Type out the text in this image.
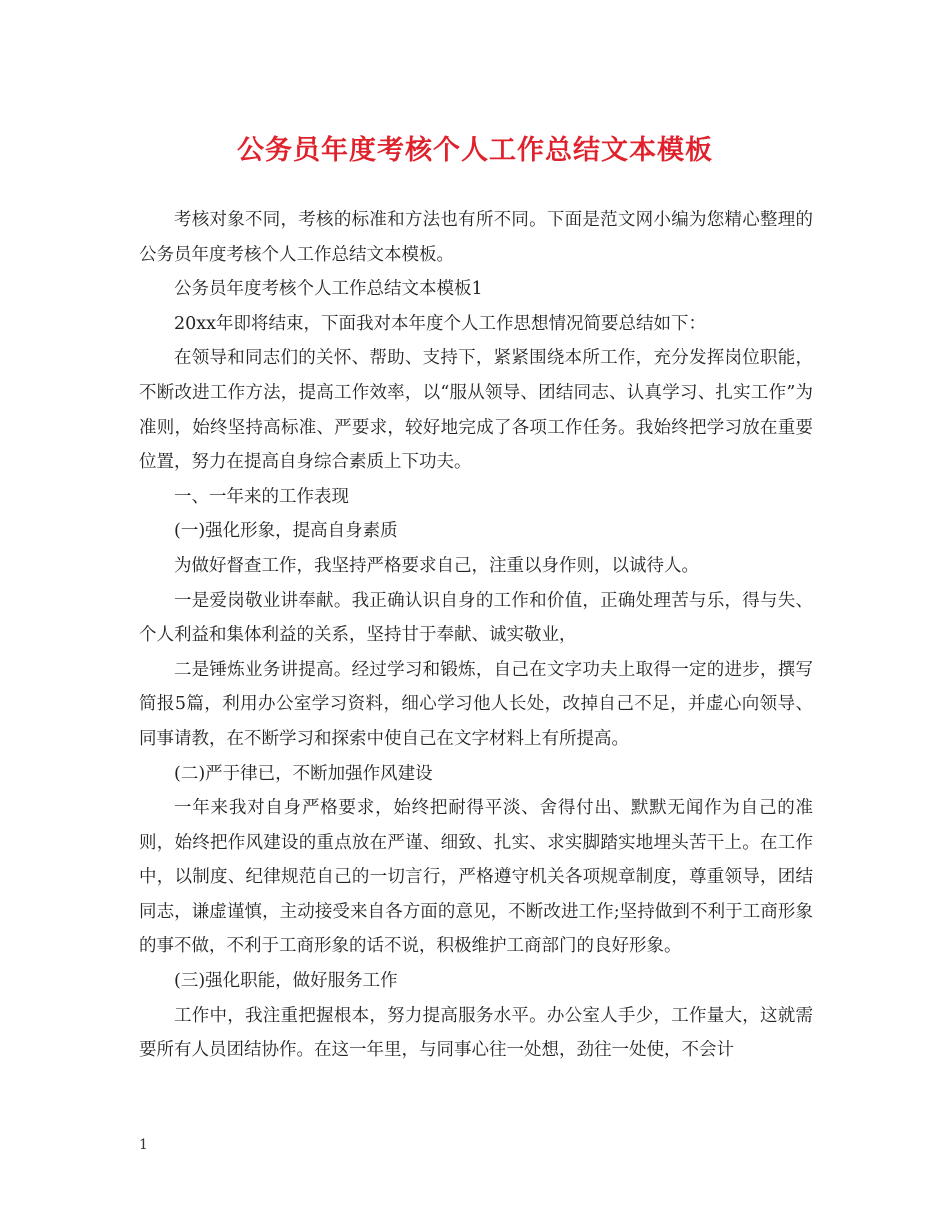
公务员年度考核个人工作总结文本模板

考核对象不同，考核的标准和方法也有所不同。下面是范文网小编为您精心整理的公务员年度考核个人工作总结文本模板。

公务员年度考核个人工作总结文本模板1

20xx年即将结束，下面我对本年度个人工作思想情况简要总结如下：

在领导和同志们的关怀、帮助、支持下，紧紧围绕本所工作，充分发挥岗位职能，不断改进工作方法，提高工作效率，以“服从领导、团结同志、认真学习、扎实工作”为准则，始终坚持高标准、严要求，较好地完成了各项工作任务。我始终把学习放在重要位置，努力在提高自身综合素质上下功夫。

一、一年来的工作表现

(一)强化形象，提高自身素质

为做好督查工作，我坚持严格要求自己，注重以身作则，以诚待人。

一是爱岗敬业讲奉献。我正确认识自身的工作和价值，正确处理苦与乐，得与失、个人利益和集体利益的关系，坚持甘于奉献、诚实敬业，

二是锤炼业务讲提高。经过学习和锻炼，自己在文字功夫上取得一定的进步，撰写简报5篇，利用办公室学习资料，细心学习他人长处，改掉自己不足，并虚心向领导、同事请教，在不断学习和探索中使自己在文字材料上有所提高。

(二)严于律已，不断加强作风建设

一年来我对自身严格要求，始终把耐得平淡、舍得付出、默默无闻作为自己的准则，始终把作风建设的重点放在严谨、细致、扎实、求实脚踏实地埋头苦干上。在工作中，以制度、纪律规范自己的一切言行，严格遵守机关各项规章制度，尊重领导，团结同志，谦虚谨慎，主动接受来自各方面的意见，不断改进工作;坚持做到不利于工商形象的事不做，不利于工商形象的话不说，积极维护工商部门的良好形象。

(三)强化职能，做好服务工作

工作中，我注重把握根本，努力提高服务水平。办公室人手少，工作量大，这就需要所有人员团结协作。在这一年里，与同事心往一处想，劲往一处使，不会计

1
